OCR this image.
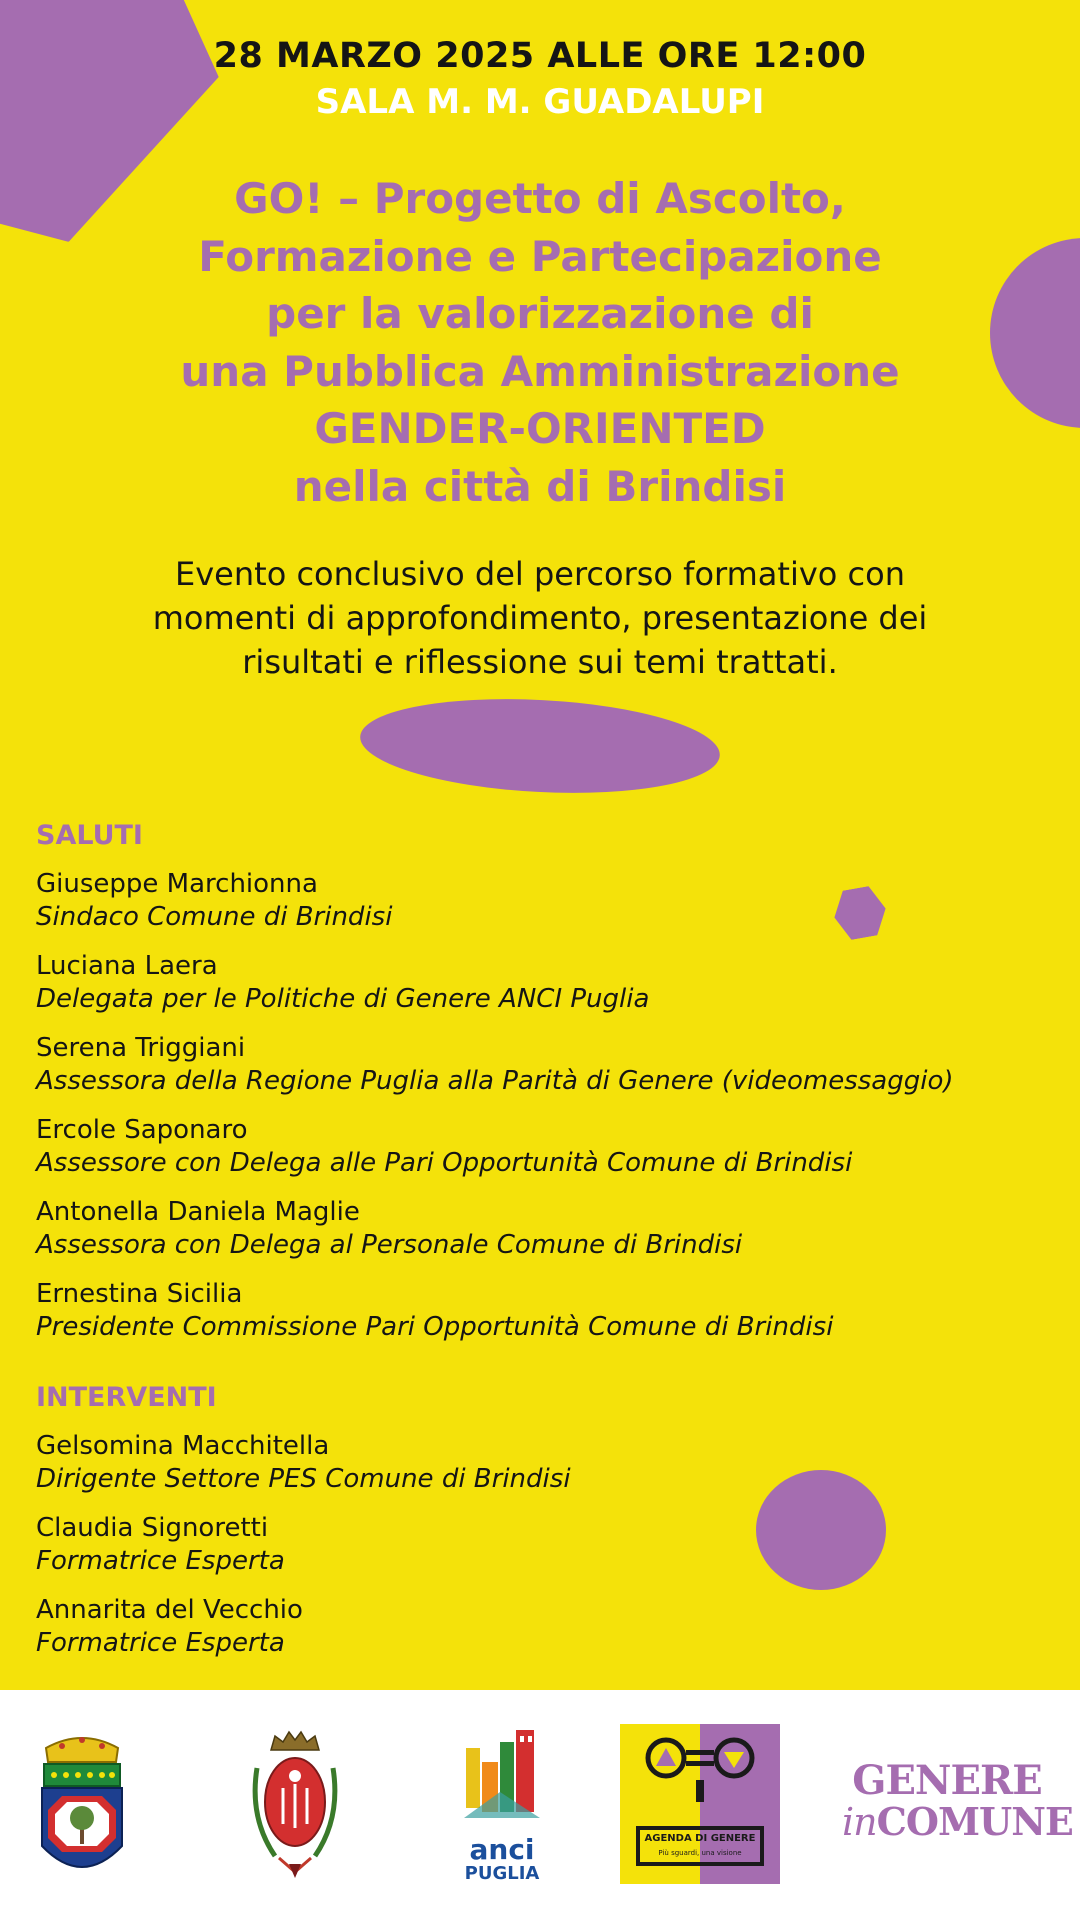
28 MARZO 2025 ALLE ORE 12:00
SALA M. M. GUADALUPI
GO! – Progetto di Ascolto,
Formazione e Partecipazione
per la valorizzazione di
una Pubblica Amministrazione
GENDER-ORIENTED
nella città di Brindisi
Evento conclusivo del percorso formativo con
momenti di approfondimento, presentazione dei
risultati e riflessione sui temi trattati.
SALUTI
Giuseppe Marchionna
Sindaco Comune di Brindisi
Luciana Laera
Delegata per le Politiche di Genere ANCI Puglia
Serena Triggiani
Assessora della Regione Puglia alla Parità di Genere (videomessaggio)
Ercole Saponaro
Assessore con Delega alle Pari Opportunità Comune di Brindisi
Antonella Daniela Maglie
Assessora con Delega al Personale Comune di Brindisi
Ernestina Sicilia
Presidente Commissione Pari Opportunità Comune di Brindisi
INTERVENTI
Gelsomina Macchitella
Dirigente Settore PES Comune di Brindisi
Claudia Signoretti
Formatrice Esperta
Annarita del Vecchio
Formatrice Esperta
anci
PUGLIA
AGENDA DI GENERE
Più sguardi, una visione
GENERE
inCOMUNE
